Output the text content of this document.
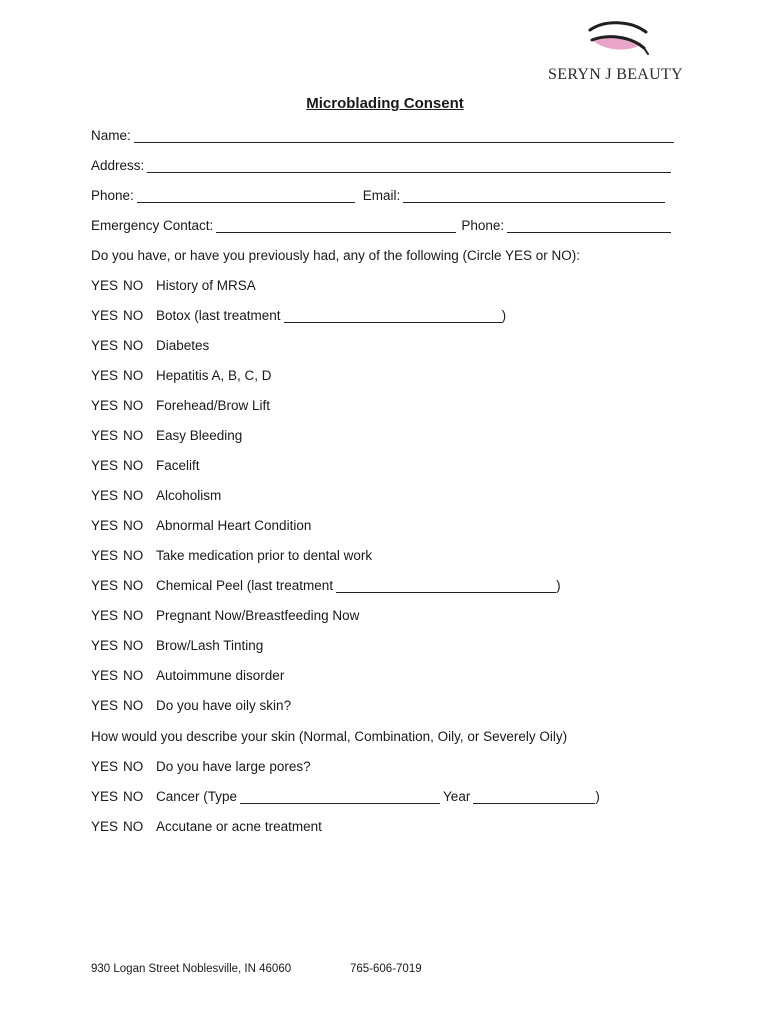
SERYN J BEAUTY
Microblading Consent
Name:
Address:
Phone:	Email:
Emergency Contact:	Phone:
Do you have, or have you previously had, any of the following (Circle YES or NO):
YES NO History of MRSA
YES NO Botox (last treatment	)
YES NO Diabetes
YES NO Hepatitis A, B, C, D
YES NO Forehead/Brow Lift
YES NO Easy Bleeding
YES NO Facelift
YES NO Alcoholism
YES NO Abnormal Heart Condition
YES NO Take medication prior to dental work
YES NO Chemical Peel (last treatment	)
YES NO Pregnant Now/Breastfeeding Now
YES NO Brow/Lash Tinting
YES NO Autoimmune disorder
YES NO Do you have oily skin?
How would you describe your skin (Normal, Combination, Oily, or Severely Oily)
YES NO Do you have large pores?
YES NO Cancer (Type	Year	)
YES NO Accutane or acne treatment
930 Logan Street Noblesville, IN 46060	765-606-7019
